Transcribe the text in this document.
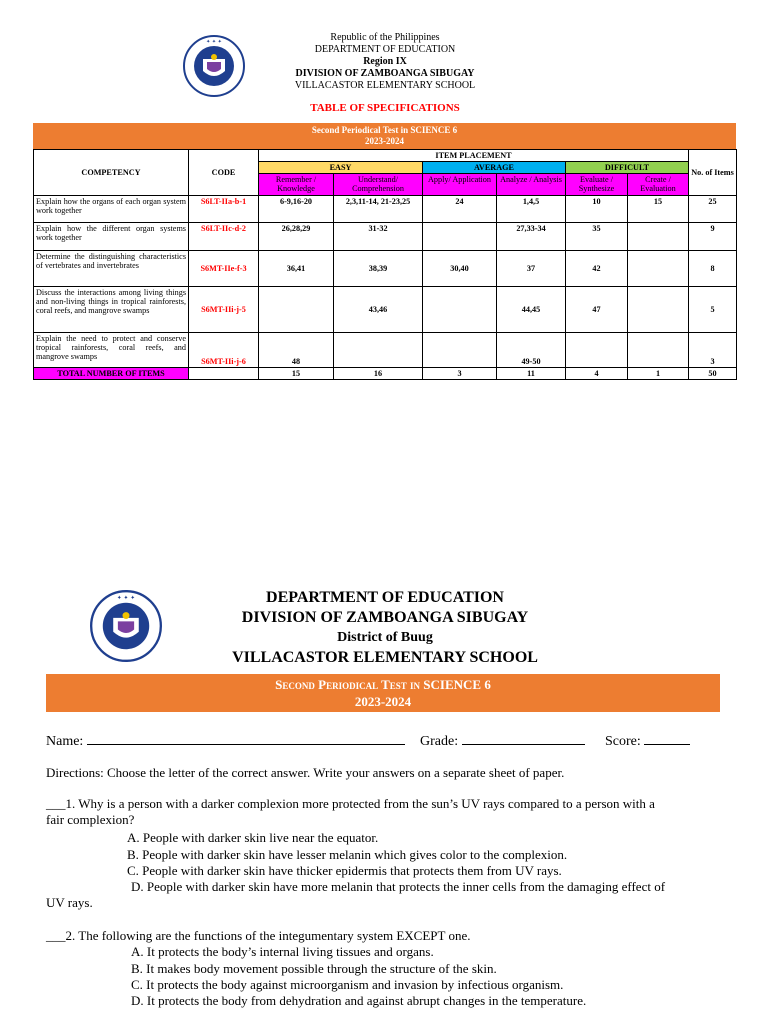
✦ ✦ ✦	Republic of the Philippines
DEPARTMENT OF EDUCATION
Region IX
DIVISION OF ZAMBOANGA SIBUGAY
VILLACASTOR ELEMENTARY SCHOOL
TABLE OF SPECIFICATIONS
Second Periodical Test in SCIENCE 6
2023-2024
COMPETENCY	CODE	ITEM PLACEMENT						No. of Items
		EASY		AVERAGE		DIFFICULT		
		Remember / Knowledge	Understand/ Comprehension	Apply/ Application	Analyze / Analysis	Evaluate / Synthesize	Create / Evaluation	
Explain how the organs of each organ system work together	S6LT-IIa-b-1	6-9,16-20	2,3,11-14, 21-23,25	24	1,4,5	10	15	25
Explain how the different organ systems work together	S6LT-IIc-d-2	26,28,29	31-32		27,33-34	35		9
Determine the distinguishing characteristics of vertebrates and invertebrates	S6MT-IIe-f-3	36,41	38,39	30,40	37	42		8
Discuss the interactions among living things and non-living things in tropical rainforests, coral reefs, and mangrove swamps	S6MT-IIi-j-5		43,46		44,45	47		5
Explain the need to protect and conserve tropical rainforests, coral reefs, and mangrove swamps	S6MT-IIi-j-6	48			49-50			3
TOTAL NUMBER OF ITEMS		15	16	3	11	4	1	50
✦ ✦ ✦	DEPARTMENT OF EDUCATION
DIVISION OF ZAMBOANGA SIBUGAY
District of Buug
VILLACASTOR ELEMENTARY SCHOOL
Second Periodical Test in SCIENCE 6
2023-2024
Name:	Grade:	Score:
Directions: Choose the letter of the correct answer. Write your answers on a separate sheet of paper.
___1. Why is a person with a darker complexion more protected from the sun’s UV rays compared to a person with a
fair complexion?
A. People with darker skin live near the equator.
B. People with darker skin have lesser melanin which gives color to the complexion.
C. People with darker skin have thicker epidermis that protects them from UV rays.
D. People with darker skin have more melanin that protects the inner cells from the damaging effect of
UV rays.
___2. The following are the functions of the integumentary system EXCEPT one.
A. It protects the body’s internal living tissues and organs.
B. It makes body movement possible through the structure of the skin.
C. It protects the body against microorganism and invasion by infectious organism.
D. It protects the body from dehydration and against abrupt changes in the temperature.
